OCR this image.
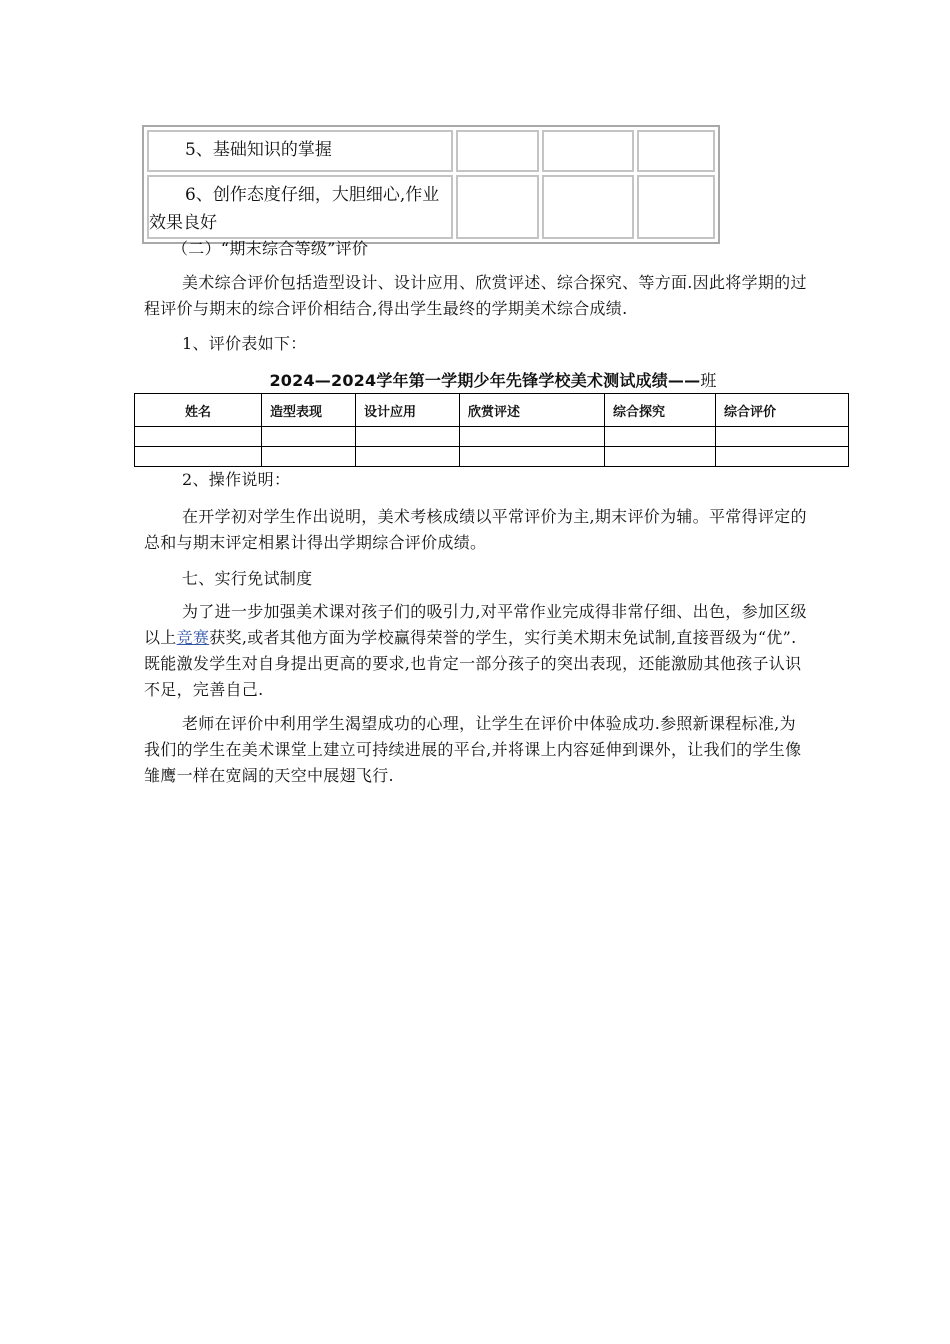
5、基础知识的掌握			
6、创作态度仔细，大胆细心,作业效果良好			
（二）“期末综合等级”评价
美术综合评价包括造型设计、设计应用、欣赏评述、综合探究、等方面.因此将学期的过程评价与期末的综合评价相结合,得出学生最终的学期美术综合成绩.
1、评价表如下：
2024—2024学年第一学期少年先锋学校美术测试成绩——班
姓名	造型表现	设计应用	欣赏评述	综合探究	综合评价

2、操作说明：
在开学初对学生作出说明，美术考核成绩以平常评价为主,期末评价为辅。平常得评定的总和与期末评定相累计得出学期综合评价成绩。
七、实行免试制度
为了进一步加强美术课对孩子们的吸引力,对平常作业完成得非常仔细、出色，参加区级以上竞赛获奖,或者其他方面为学校赢得荣誉的学生，实行美术期末免试制,直接晋级为“优”.既能激发学生对自身提出更高的要求,也肯定一部分孩子的突出表现，还能激励其他孩子认识不足，完善自己.
老师在评价中利用学生渴望成功的心理，让学生在评价中体验成功.参照新课程标准,为我们的学生在美术课堂上建立可持续进展的平台,并将课上内容延伸到课外，让我们的学生像雏鹰一样在宽阔的天空中展翅飞行.
